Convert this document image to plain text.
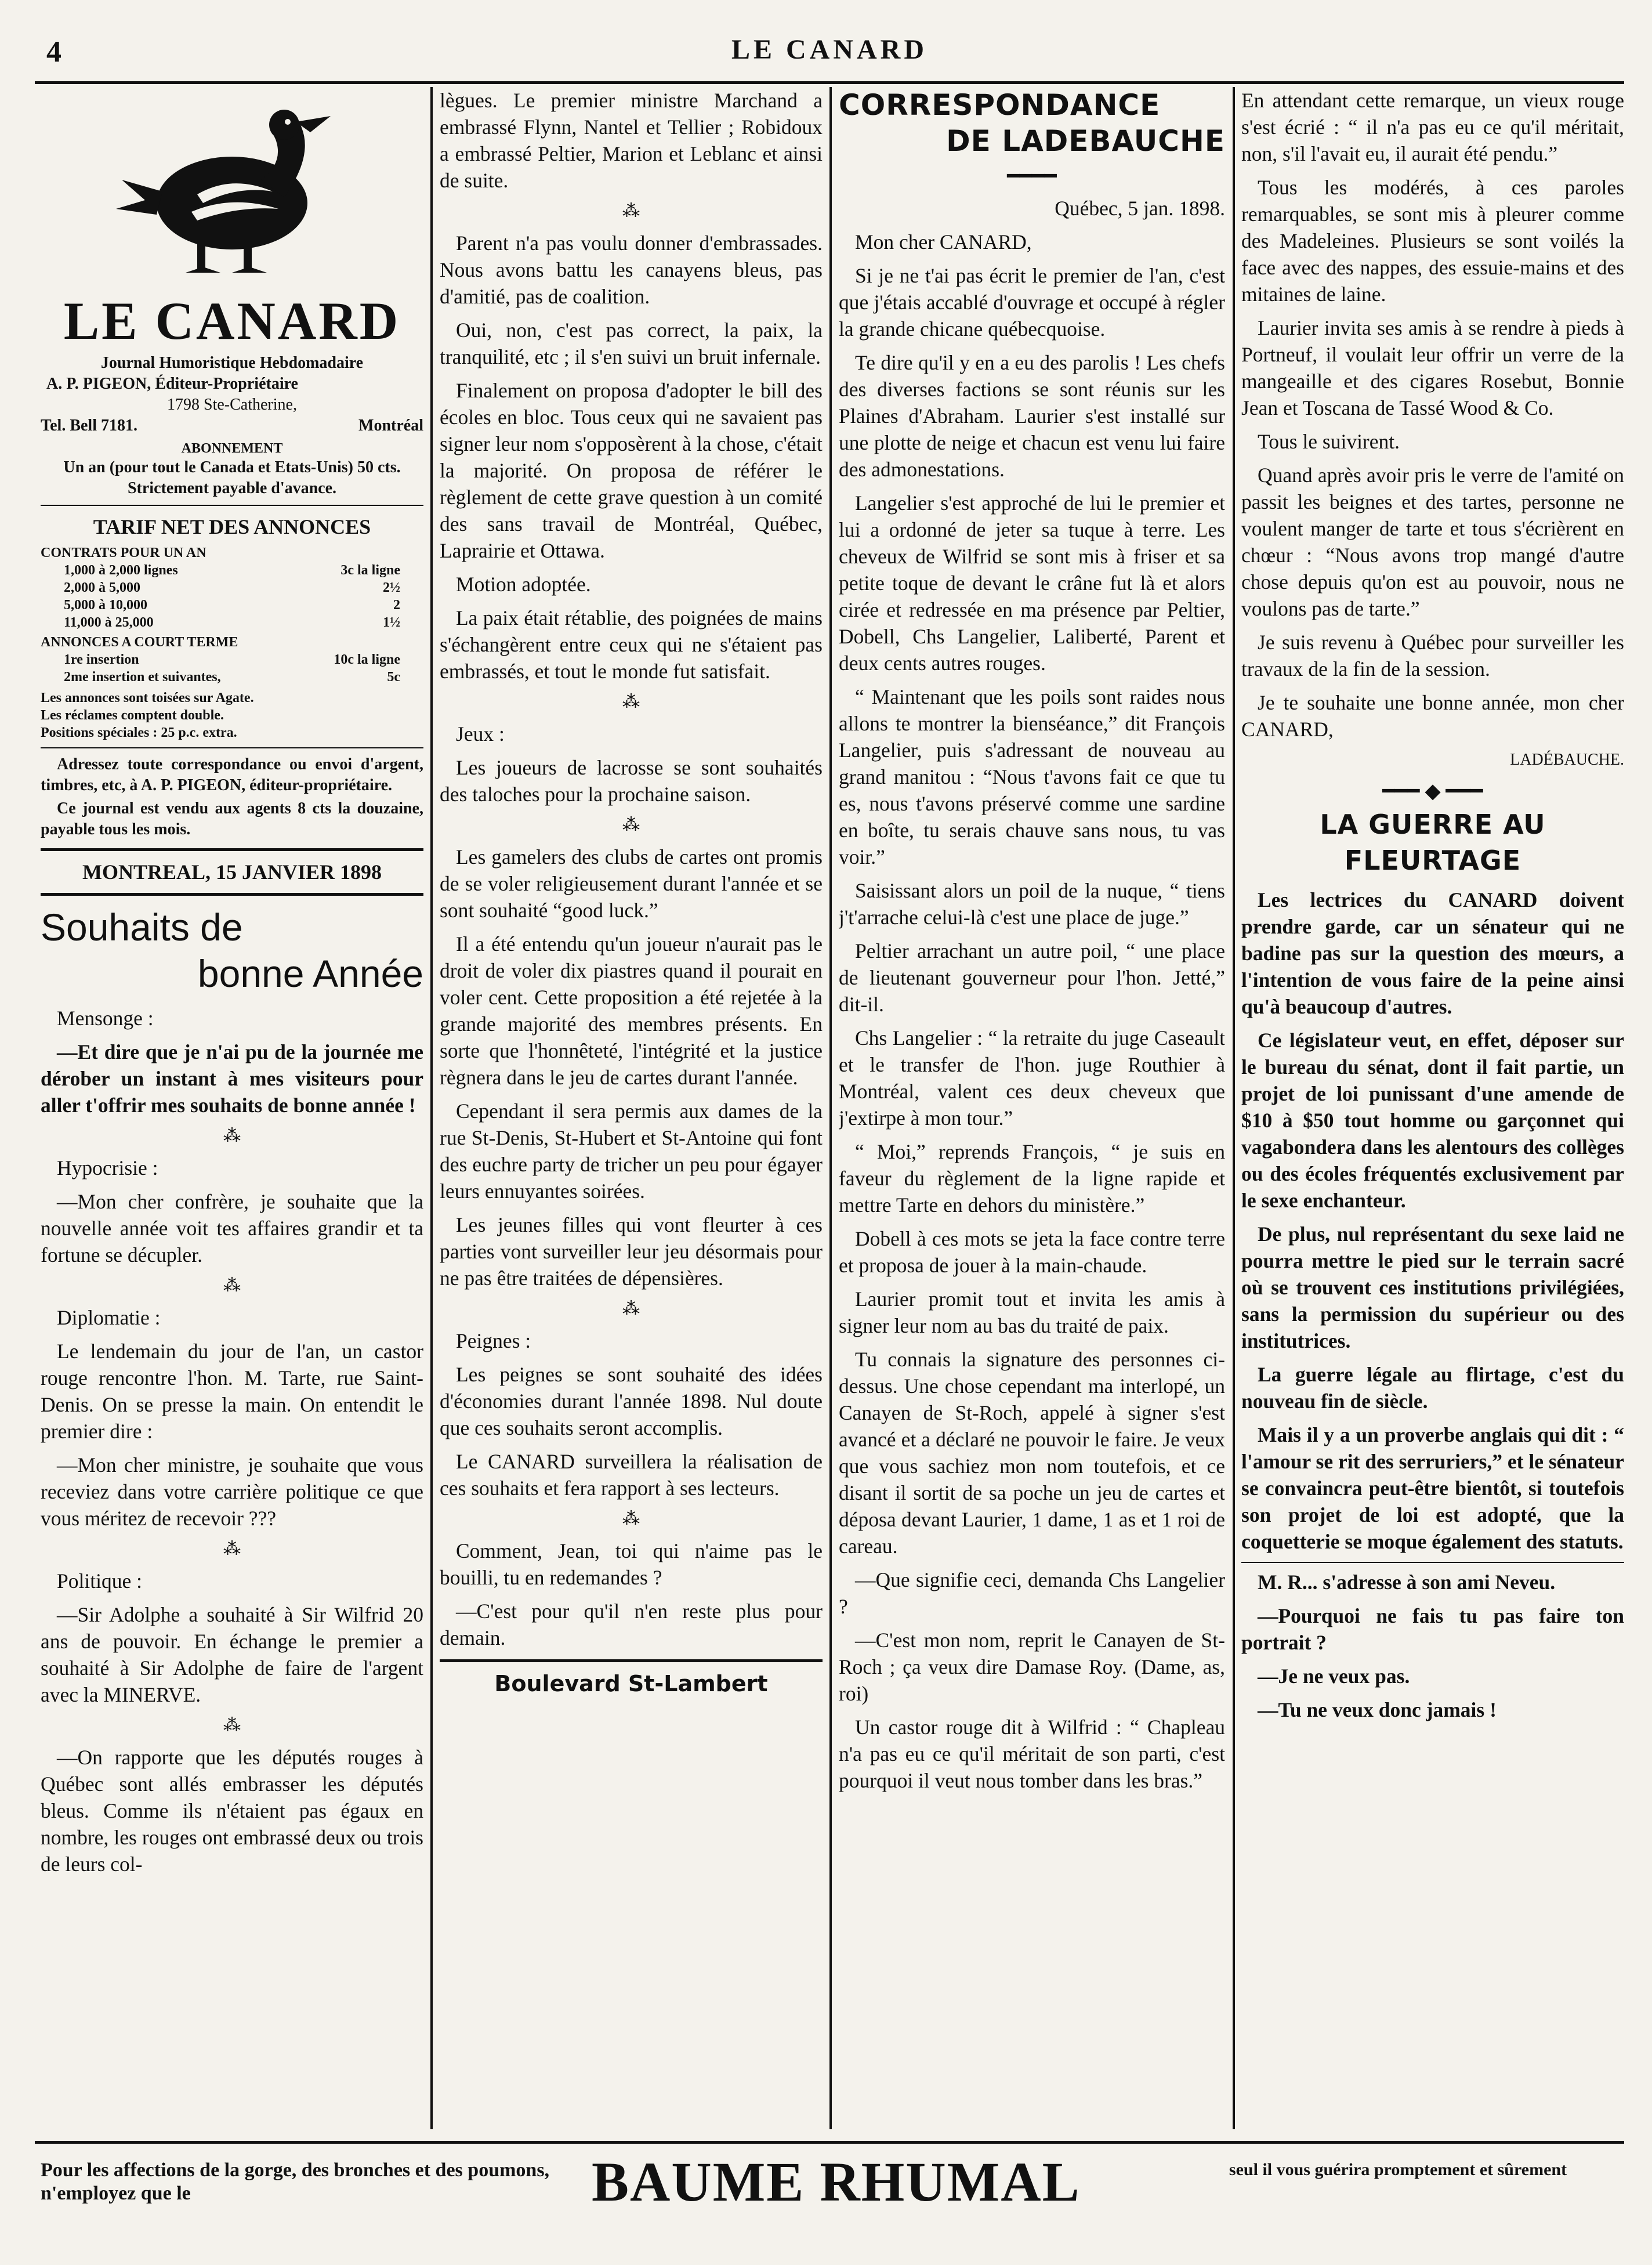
4	LE CANARD
LE CANARD
Journal Humoristique Hebdomadaire
A. P. PIGEON, Éditeur-Propriétaire
1798 Ste-Catherine,
Tel. Bell 7181.	Montréal
ABONNEMENT
Un an (pour tout le Canada et Etats-Unis) 50 cts. Strictement payable d'avance.
TARIF NET DES ANNONCES
CONTRATS POUR UN AN
1,000 à 2,000 lignes	3c la ligne
2,000 à 5,000	2½
5,000 à 10,000	2
11,000 à 25,000	1½
ANNONCES A COURT TERME
1re insertion	10c la ligne
2me insertion et suivantes,	5c
Les annonces sont toisées sur Agate.
Les réclames comptent double.
Positions spéciales : 25 p.c. extra.

Adressez toute correspondance ou envoi d'argent, timbres, etc, à A. P. PIGEON, éditeur-propriétaire.

Ce journal est vendu aux agents 8 cts la douzaine, payable tous les mois.

MONTREAL, 15 JANVIER 1898
Souhaits de
bonne Année

Mensonge :

—Et dire que je n'ai pu de la journée me dérober un instant à mes visiteurs pour aller t'offrir mes souhaits de bonne année !

⁂

Hypocrisie :

—Mon cher confrère, je souhaite que la nouvelle année voit tes affaires grandir et ta fortune se décupler.

⁂

Diplomatie :

Le lendemain du jour de l'an, un castor rouge rencontre l'hon. M. Tarte, rue Saint-Denis. On se presse la main. On entendit le premier dire :

—Mon cher ministre, je souhaite que vous receviez dans votre carrière politique ce que vous méritez de recevoir ???

⁂

Politique :

—Sir Adolphe a souhaité à Sir Wilfrid 20 ans de pouvoir. En échange le premier a souhaité à Sir Adolphe de faire de l'argent avec la MINERVE.

⁂

—On rapporte que les députés rouges à Québec sont allés embrasser les députés bleus. Comme ils n'étaient pas égaux en nombre, les rouges ont embrassé deux ou trois de leurs col-

lègues. Le premier ministre Marchand a embrassé Flynn, Nantel et Tellier ; Robidoux a embrassé Peltier, Marion et Leblanc et ainsi de suite.

⁂

Parent n'a pas voulu donner d'embrassades. Nous avons battu les canayens bleus, pas d'amitié, pas de coalition.

Oui, non, c'est pas correct, la paix, la tranquilité, etc ; il s'en suivi un bruit infernale.

Finalement on proposa d'adopter le bill des écoles en bloc. Tous ceux qui ne savaient pas signer leur nom s'opposèrent à la chose, c'était la majorité. On proposa de référer le règlement de cette grave question à un comité des sans travail de Montréal, Québec, Laprairie et Ottawa.

Motion adoptée.

La paix était rétablie, des poignées de mains s'échangèrent entre ceux qui ne s'étaient pas embrassés, et tout le monde fut satisfait.

⁂

Jeux :

Les joueurs de lacrosse se sont souhaités des taloches pour la prochaine saison.

⁂

Les gamelers des clubs de cartes ont promis de se voler religieusement durant l'année et se sont souhaité “good luck.”

Il a été entendu qu'un joueur n'aurait pas le droit de voler dix piastres quand il pourait en voler cent. Cette proposition a été rejetée à la grande majorité des membres présents. En sorte que l'honnêteté, l'intégrité et la justice règnera dans le jeu de cartes durant l'année.

Cependant il sera permis aux dames de la rue St-Denis, St-Hubert et St-Antoine qui font des euchre party de tricher un peu pour égayer leurs ennuyantes soirées.

Les jeunes filles qui vont fleurter à ces parties vont surveiller leur jeu désormais pour ne pas être traitées de dépensières.

⁂

Peignes :

Les peignes se sont souhaité des idées d'économies durant l'année 1898. Nul doute que ces souhaits seront accomplis.

Le CANARD surveillera la réalisation de ces souhaits et fera rapport à ses lecteurs.

⁂

Comment, Jean, toi qui n'aime pas le bouilli, tu en redemandes ?

—C'est pour qu'il n'en reste plus pour demain.

Boulevard St-Lambert
CORRESPONDANCE
DE LADEBAUCHE
━━━━

Québec, 5 jan. 1898.

Mon cher CANARD,

Si je ne t'ai pas écrit le premier de l'an, c'est que j'étais accablé d'ouvrage et occupé à régler la grande chicane québecquoise.

Te dire qu'il y en a eu des parolis ! Les chefs des diverses factions se sont réunis sur les Plaines d'Abraham. Laurier s'est installé sur une plotte de neige et chacun est venu lui faire des admonestations.

Langelier s'est approché de lui le premier et lui a ordonné de jeter sa tuque à terre. Les cheveux de Wilfrid se sont mis à friser et sa petite toque de devant le crâne fut là et alors cirée et redressée en ma présence par Peltier, Dobell, Chs Langelier, Laliberté, Parent et deux cents autres rouges.

“ Maintenant que les poils sont raides nous allons te montrer la bienséance,” dit François Langelier, puis s'adressant de nouveau au grand manitou : “Nous t'avons fait ce que tu es, nous t'avons préservé comme une sardine en boîte, tu serais chauve sans nous, tu vas voir.”

Saisissant alors un poil de la nuque, “ tiens j't'arrache celui-là c'est une place de juge.”

Peltier arrachant un autre poil, “ une place de lieutenant gouverneur pour l'hon. Jetté,” dit-il.

Chs Langelier : “ la retraite du juge Caseault et le transfer de l'hon. juge Routhier à Montréal, valent ces deux cheveux que j'extirpe à mon tour.”

“ Moi,” reprends François, “ je suis en faveur du règlement de la ligne rapide et mettre Tarte en dehors du ministère.”

Dobell à ces mots se jeta la face contre terre et proposa de jouer à la main-chaude.

Laurier promit tout et invita les amis à signer leur nom au bas du traité de paix.

Tu connais la signature des personnes ci-dessus. Une chose cependant ma interlopé, un Canayen de St-Roch, appelé à signer s'est avancé et a déclaré ne pouvoir le faire. Je veux que vous sachiez mon nom toutefois, et ce disant il sortit de sa poche un jeu de cartes et déposa devant Laurier, 1 dame, 1 as et 1 roi de careau.

—Que signifie ceci, demanda Chs Langelier ?

—C'est mon nom, reprit le Canayen de St-Roch ; ça veux dire Damase Roy. (Dame, as, roi)

Un castor rouge dit à Wilfrid : “ Chapleau n'a pas eu ce qu'il méritait de son parti, c'est pourquoi il veut nous tomber dans les bras.”

En attendant cette remarque, un vieux rouge s'est écrié : “ il n'a pas eu ce qu'il méritait, non, s'il l'avait eu, il aurait été pendu.”

Tous les modérés, à ces paroles remarquables, se sont mis à pleurer comme des Madeleines. Plusieurs se sont voilés la face avec des nappes, des essuie-mains et des mitaines de laine.

Laurier invita ses amis à se rendre à pieds à Portneuf, il voulait leur offrir un verre de la mangeaille et des cigares Rosebut, Bonnie Jean et Toscana de Tassé Wood & Co.

Tous le suivirent.

Quand après avoir pris le verre de l'amité on passit les beignes et des tartes, personne ne voulent manger de tarte et tous s'écrièrent en chœur : “Nous avons trop mangé d'autre chose depuis qu'on est au pouvoir, nous ne voulons pas de tarte.”

Je suis revenu à Québec pour surveiller les travaux de la fin de la session.

Je te souhaite une bonne année, mon cher CANARD,

LADÉBAUCHE.

━━━ ◆ ━━━
LA GUERRE AU FLEURTAGE

Les lectrices du CANARD doivent prendre garde, car un sénateur qui ne badine pas sur la question des mœurs, a l'intention de vous faire de la peine ainsi qu'à beaucoup d'autres.

Ce législateur veut, en effet, déposer sur le bureau du sénat, dont il fait partie, un projet de loi punissant d'une amende de $10 à $50 tout homme ou garçonnet qui vagabondera dans les alentours des collèges ou des écoles fréquentés exclusivement par le sexe enchanteur.

De plus, nul représentant du sexe laid ne pourra mettre le pied sur le terrain sacré où se trouvent ces institutions privilégiées, sans la permission du supérieur ou des institutrices.

La guerre légale au flirtage, c'est du nouveau fin de siècle.

Mais il y a un proverbe anglais qui dit : “ l'amour se rit des serruriers,” et le sénateur se convaincra peut-être bientôt, si toutefois son projet de loi est adopté, que la coquetterie se moque également des statuts.

M. R... s'adresse à son ami Neveu.

—Pourquoi ne fais tu pas faire ton portrait ?

—Je ne veux pas.

—Tu ne veux donc jamais !

Pour les affections de la gorge, des bronches et des poumons, n'employez que le	BAUME RHUMAL	seul il vous guérira promptement et sûrement
